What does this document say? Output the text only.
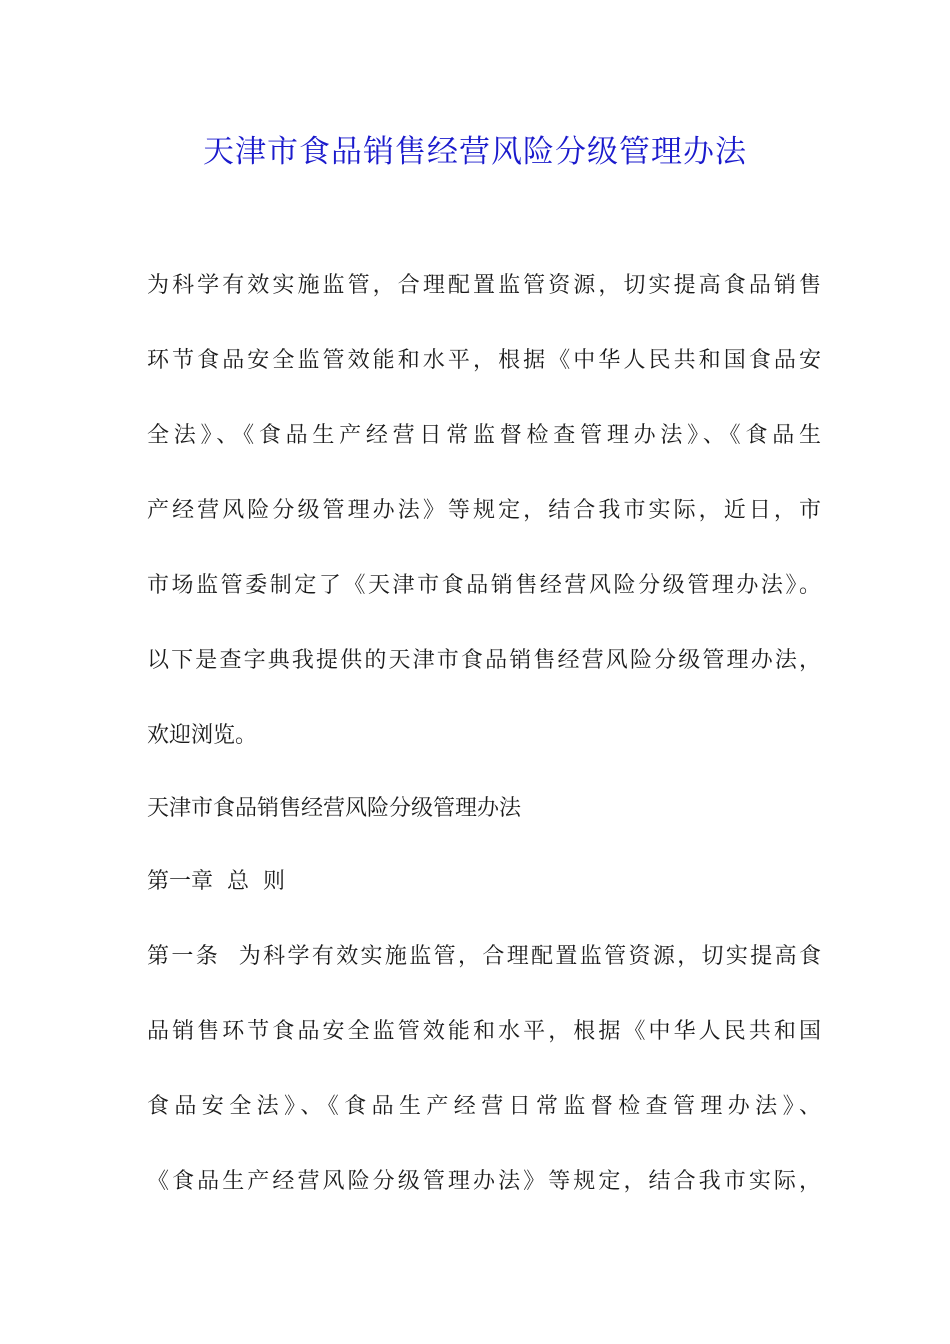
天津市食品销售经营风险分级管理办法
为科学有效实施监管，合理配置监管资源，切实提高食品销售
环节食品安全监管效能和水平，根据《中华人民共和国食品安
全法》、《食品生产经营日常监督检查管理办法》、《食品生
产经营风险分级管理办法》等规定，结合我市实际，近日，市
市场监管委制定了《天津市食品销售经营风险分级管理办法》。
以下是查字典我提供的天津市食品销售经营风险分级管理办法，
欢迎浏览。
天津市食品销售经营风险分级管理办法
第一章  总  则
第一条  为科学有效实施监管，合理配置监管资源，切实提高食
品销售环节食品安全监管效能和水平，根据《中华人民共和国
食品安全法》、《食品生产经营日常监督检查管理办法》、
《食品生产经营风险分级管理办法》等规定，结合我市实际，
